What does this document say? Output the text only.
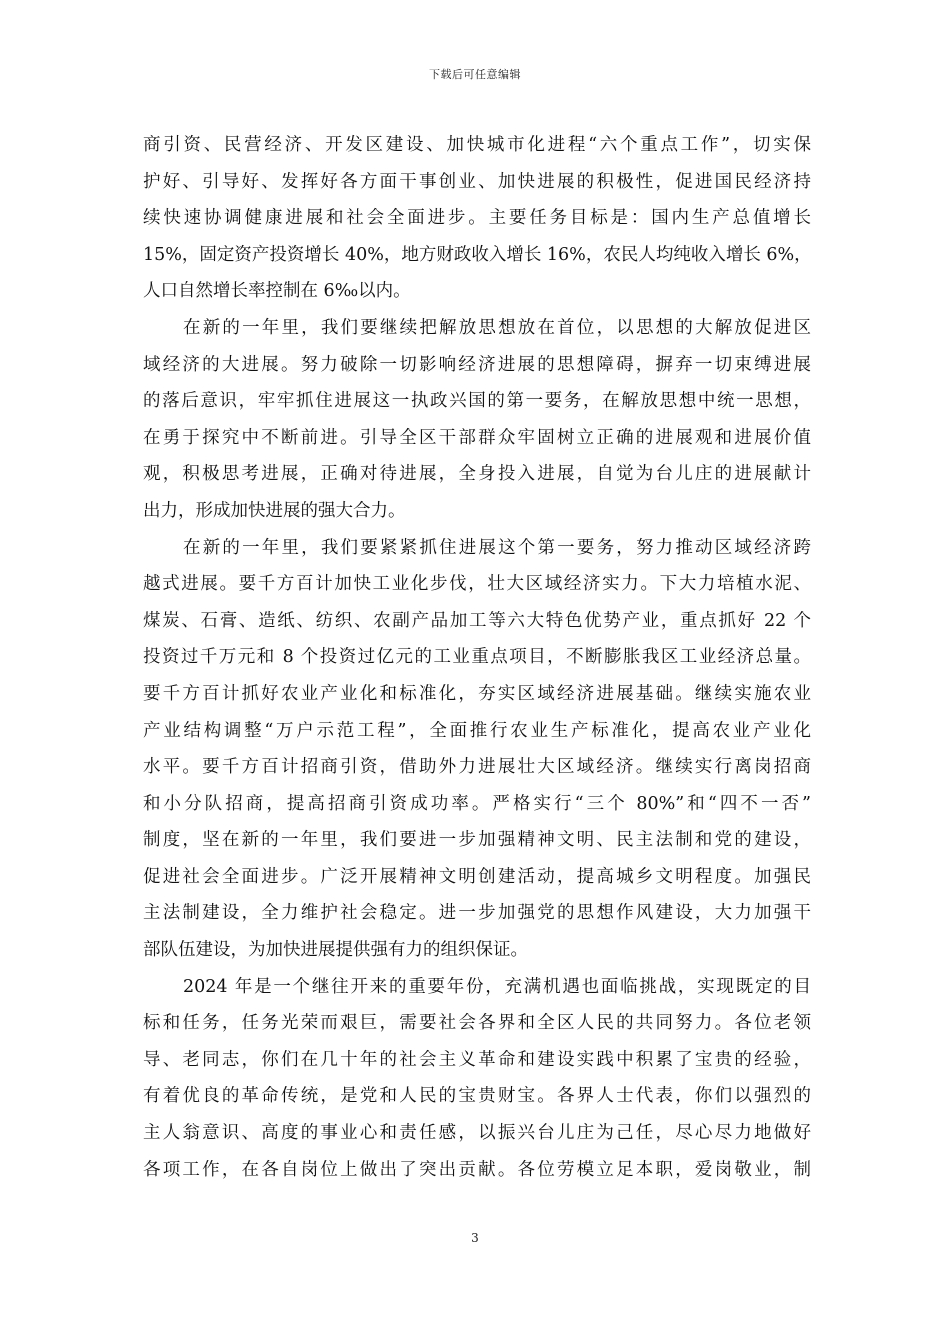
下载后可任意编辑

商引资、民营经济、开发区建设、加快城市化进程“六个重点工作”，切实保
护好、引导好、发挥好各方面干事创业、加快进展的积极性，促进国民经济持
续快速协调健康进展和社会全面进步。主要任务目标是：国内生产总值增长
15%，固定资产投资增长 40%，地方财政收入增长 16%，农民人均纯收入增长 6%，
人口自然增长率控制在 6‰以内。

在新的一年里，我们要继续把解放思想放在首位，以思想的大解放促进区
域经济的大进展。努力破除一切影响经济进展的思想障碍，摒弃一切束缚进展
的落后意识，牢牢抓住进展这一执政兴国的第一要务，在解放思想中统一思想，
在勇于探究中不断前进。引导全区干部群众牢固树立正确的进展观和进展价值
观，积极思考进展，正确对待进展，全身投入进展，自觉为台儿庄的进展献计
出力，形成加快进展的强大合力。

在新的一年里，我们要紧紧抓住进展这个第一要务，努力推动区域经济跨
越式进展。要千方百计加快工业化步伐，壮大区域经济实力。下大力培植水泥、
煤炭、石膏、造纸、纺织、农副产品加工等六大特色优势产业，重点抓好 22 个
投资过千万元和 8 个投资过亿元的工业重点项目，不断膨胀我区工业经济总量。
要千方百计抓好农业产业化和标准化，夯实区域经济进展基础。继续实施农业
产业结构调整“万户示范工程”，全面推行农业生产标准化，提高农业产业化
水平。要千方百计招商引资，借助外力进展壮大区域经济。继续实行离岗招商
和小分队招商，提高招商引资成功率。严格实行“三个 80%”和“四不一否”
制度，坚在新的一年里，我们要进一步加强精神文明、民主法制和党的建设，
促进社会全面进步。广泛开展精神文明创建活动，提高城乡文明程度。加强民
主法制建设，全力维护社会稳定。进一步加强党的思想作风建设，大力加强干
部队伍建设，为加快进展提供强有力的组织保证。

2024 年是一个继往开来的重要年份，充满机遇也面临挑战，实现既定的目
标和任务，任务光荣而艰巨，需要社会各界和全区人民的共同努力。各位老领
导、老同志，你们在几十年的社会主义革命和建设实践中积累了宝贵的经验，
有着优良的革命传统，是党和人民的宝贵财宝。各界人士代表，你们以强烈的
主人翁意识、高度的事业心和责任感，以振兴台儿庄为己任，尽心尽力地做好
各项工作，在各自岗位上做出了突出贡献。各位劳模立足本职，爱岗敬业，制

3
